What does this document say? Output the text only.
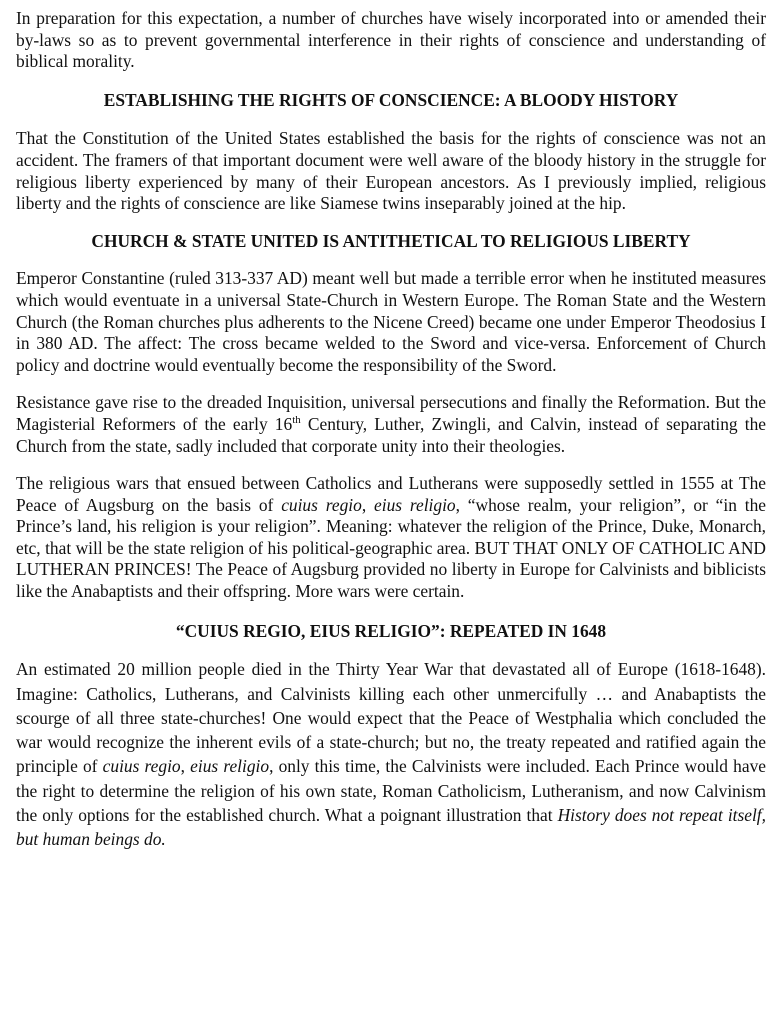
In preparation for this expectation, a number of churches have wisely incorporated into or amended their by-laws so as to prevent governmental interference in their rights of conscience and understanding of biblical morality.

ESTABLISHING THE RIGHTS OF CONSCIENCE: A BLOODY HISTORY

That the Constitution of the United States established the basis for the rights of conscience was not an accident. The framers of that important document were well aware of the bloody history in the struggle for religious liberty experienced by many of their European ancestors. As I previously implied, religious liberty and the rights of conscience are like Siamese twins inseparably joined at the hip.

CHURCH & STATE UNITED IS ANTITHETICAL TO RELIGIOUS LIBERTY

Emperor Constantine (ruled 313-337 AD) meant well but made a terrible error when he instituted measures which would eventuate in a universal State-Church in Western Europe. The Roman State and the Western Church (the Roman churches plus adherents to the Nicene Creed) became one under Emperor Theodosius I in 380 AD. The affect: The cross became welded to the Sword and vice-versa. Enforcement of Church policy and doctrine would eventually become the responsibility of the Sword.

Resistance gave rise to the dreaded Inquisition, universal persecutions and finally the Reformation. But the Magisterial Reformers of the early 16th Century, Luther, Zwingli, and Calvin, instead of separating the Church from the state, sadly included that corporate unity into their theologies.

The religious wars that ensued between Catholics and Lutherans were supposedly settled in 1555 at The Peace of Augsburg on the basis of cuius regio, eius religio, “whose realm, your religion”, or “in the Prince’s land, his religion is your religion”. Meaning: whatever the religion of the Prince, Duke, Monarch, etc, that will be the state religion of his political-geographic area. BUT THAT ONLY OF CATHOLIC AND LUTHERAN PRINCES! The Peace of Augsburg provided no liberty in Europe for Calvinists and biblicists like the Anabaptists and their offspring. More wars were certain.

“CUIUS REGIO, EIUS RELIGIO”: REPEATED IN 1648

An estimated 20 million people died in the Thirty Year War that devastated all of Europe (1618-1648). Imagine: Catholics, Lutherans, and Calvinists killing each other unmercifully … and Anabaptists the scourge of all three state-churches! One would expect that the Peace of Westphalia which concluded the war would recognize the inherent evils of a state-church; but no, the treaty repeated and ratified again the principle of cuius regio, eius religio, only this time, the Calvinists were included. Each Prince would have the right to determine the religion of his own state, Roman Catholicism, Lutheranism, and now Calvinism the only options for the established church. What a poignant illustration that History does not repeat itself, but human beings do.
